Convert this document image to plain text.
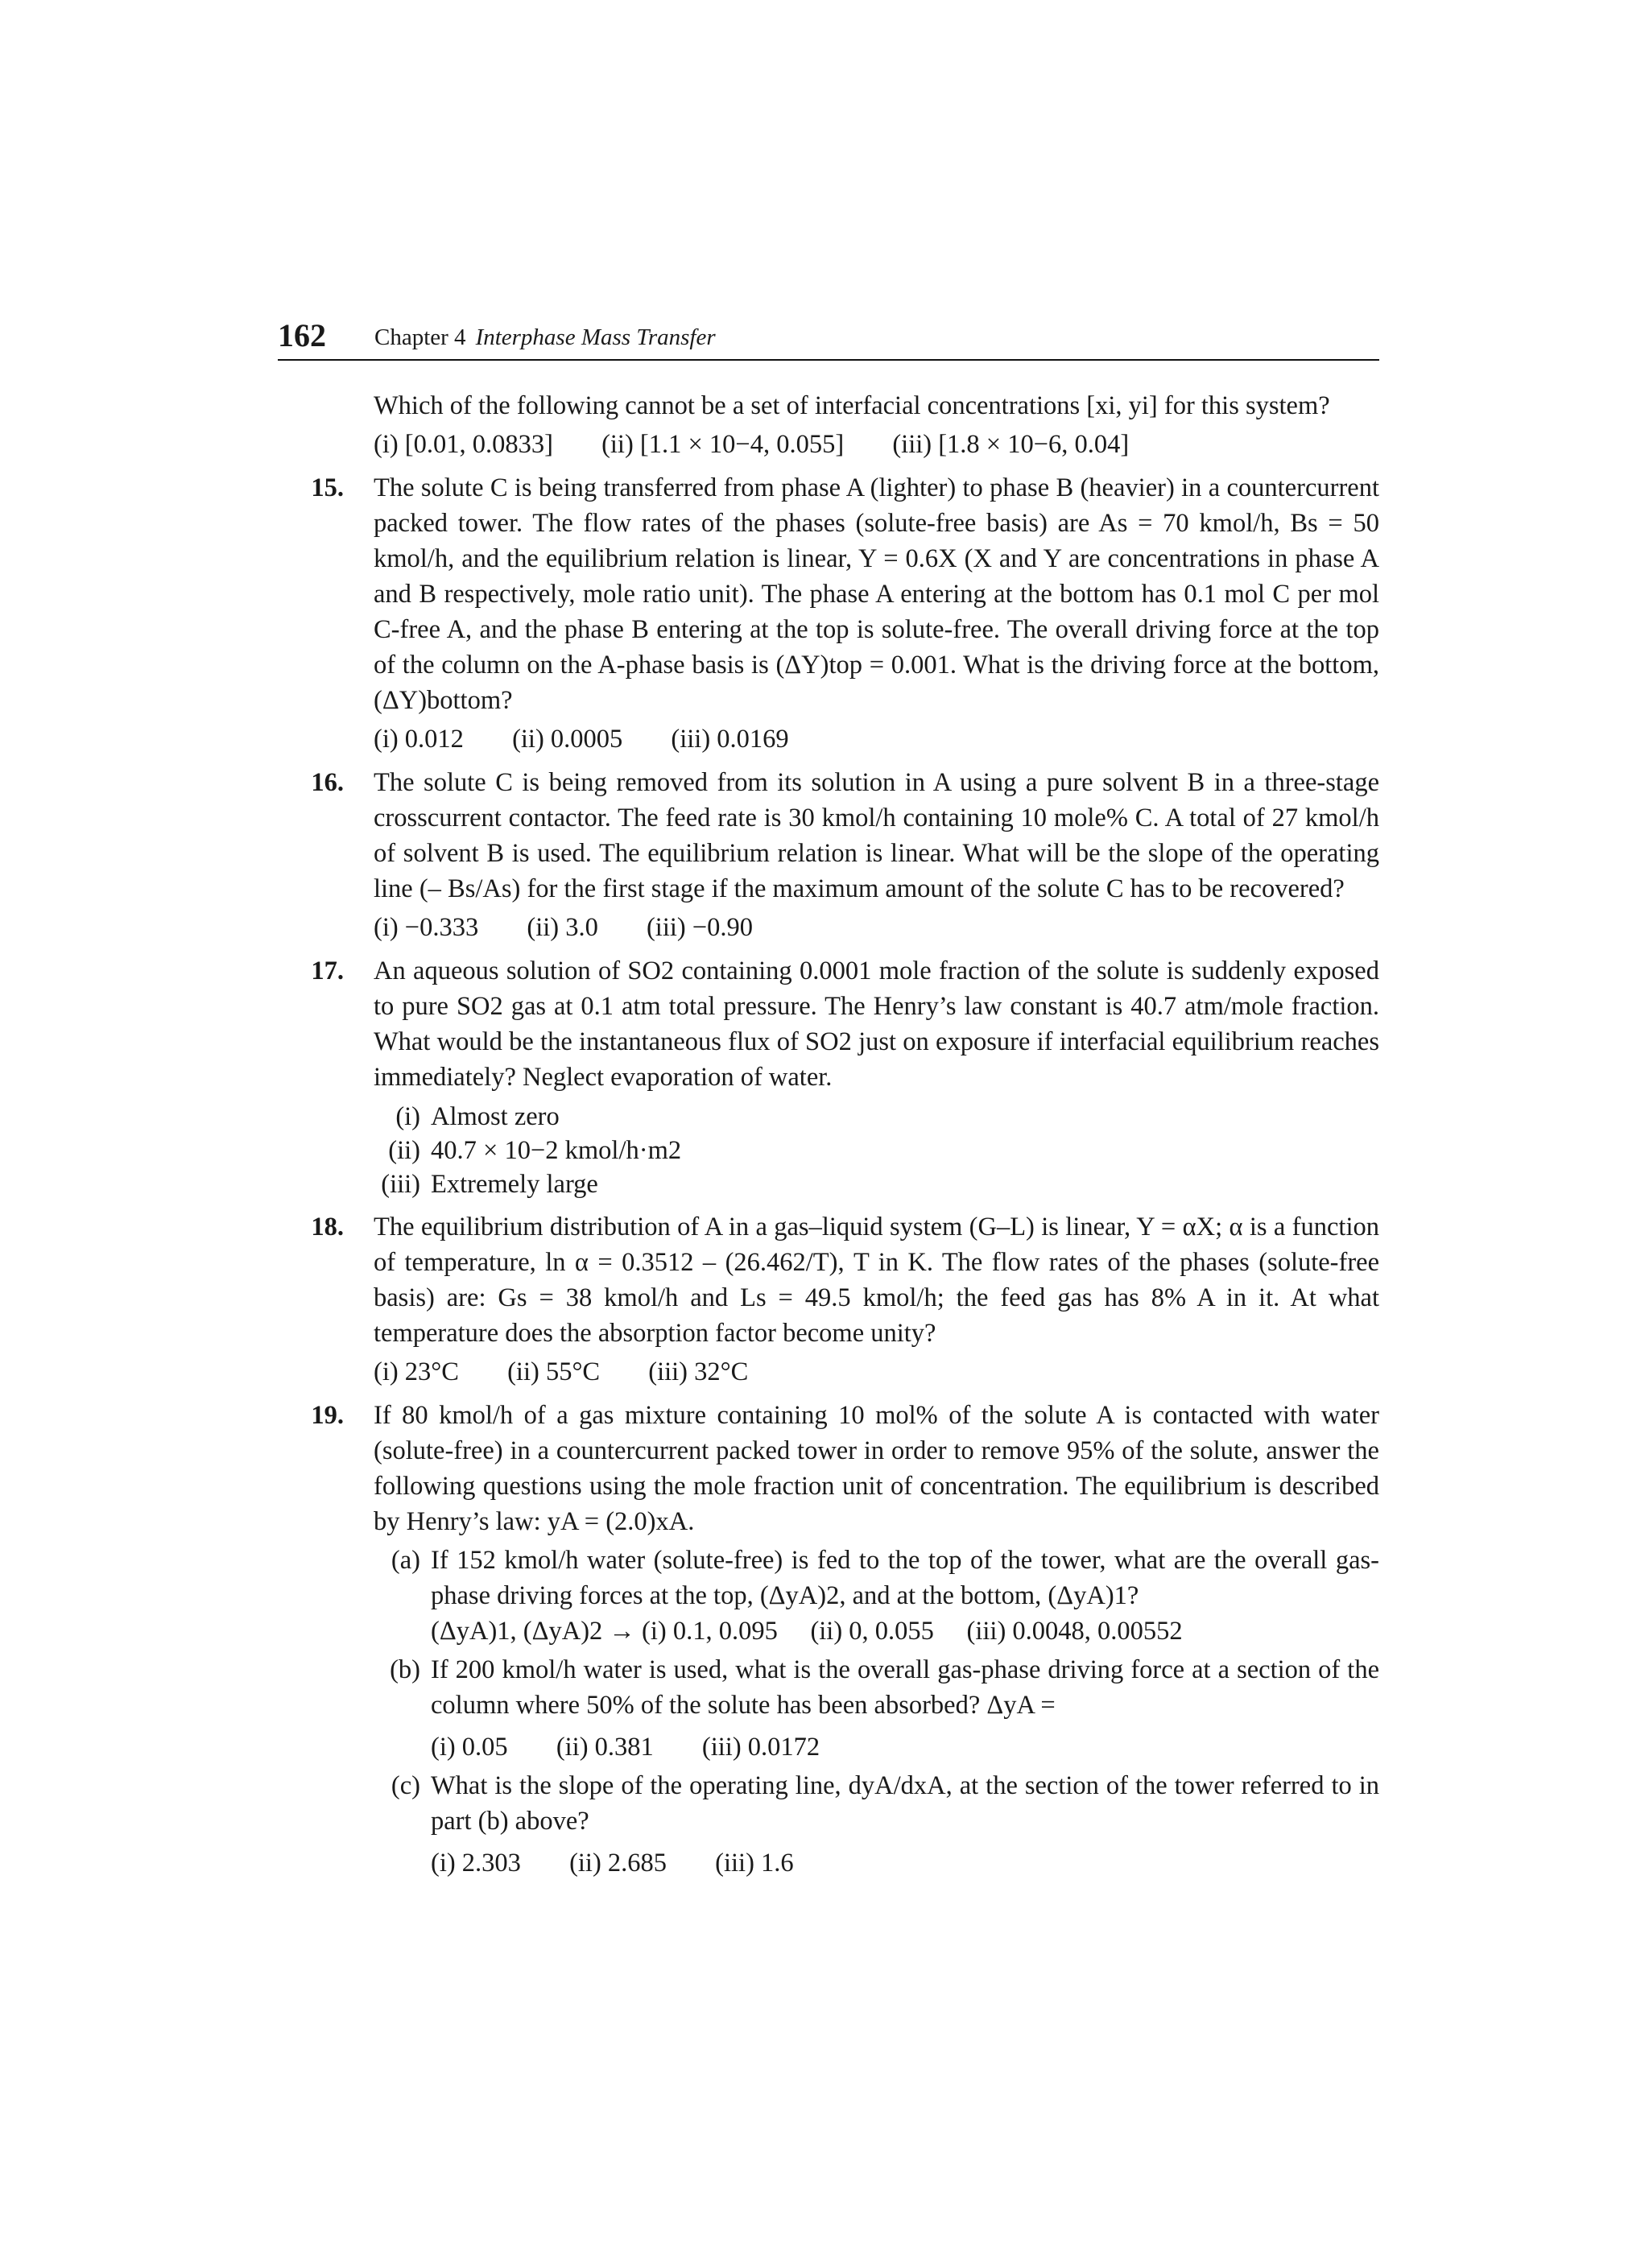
162 Chapter 4 Interphase Mass Transfer

Which of the following cannot be a set of interfacial concentrations [xi, yi] for this system?

(i) [0.01, 0.0833] (ii) [1.1 × 10−4, 0.055] (iii) [1.8 × 10−6, 0.04]
15. The solute C is being transferred from phase A (lighter) to phase B (heavier) in a countercurrent packed tower. The flow rates of the phases (solute-free basis) are As = 70 kmol/h, Bs = 50 kmol/h, and the equilibrium relation is linear, Y = 0.6X (X and Y are concentrations in phase A and B respectively, mole ratio unit). The phase A entering at the bottom has 0.1 mol C per mol C-free A, and the phase B entering at the top is solute-free. The overall driving force at the top of the column on the A-phase basis is (ΔY)top = 0.001. What is the driving force at the bottom, (ΔY)bottom?

(i) 0.012 (ii) 0.0005 (iii) 0.0169
16. The solute C is being removed from its solution in A using a pure solvent B in a three-stage crosscurrent contactor. The feed rate is 30 kmol/h containing 10 mole% C. A total of 27 kmol/h of solvent B is used. The equilibrium relation is linear. What will be the slope of the operating line (– Bs/As) for the first stage if the maximum amount of the solute C has to be recovered?

(i) −0.333 (ii) 3.0 (iii) −0.90
17. An aqueous solution of SO2 containing 0.0001 mole fraction of the solute is suddenly exposed to pure SO2 gas at 0.1 atm total pressure. The Henry’s law constant is 40.7 atm/mole fraction. What would be the instantaneous flux of SO2 just on exposure if interfacial equilibrium reaches immediately? Neglect evaporation of water.

(i) Almost zero
(ii) 40.7 × 10−2 kmol/h·m2
(iii) Extremely large
18. The equilibrium distribution of A in a gas–liquid system (G–L) is linear, Y = αX; α is a function of temperature, ln α = 0.3512 – (26.462/T), T in K. The flow rates of the phases (solute-free basis) are: Gs = 38 kmol/h and Ls = 49.5 kmol/h; the feed gas has 8% A in it. At what temperature does the absorption factor become unity?

(i) 23°C (ii) 55°C (iii) 32°C
19. If 80 kmol/h of a gas mixture containing 10 mol% of the solute A is contacted with water (solute-free) in a countercurrent packed tower in order to remove 95% of the solute, answer the following questions using the mole fraction unit of concentration. The equilibrium is described by Henry’s law: yA = (2.0)xA.

(a) If 152 kmol/h water (solute-free) is fed to the top of the tower, what are the overall gas-phase driving forces at the top, (ΔyA)2, and at the bottom, (ΔyA)1?

(ΔyA)1, (ΔyA)2 → (i) 0.1, 0.095     (ii) 0, 0.055     (iii) 0.0048, 0.00552

(b) If 200 kmol/h water is used, what is the overall gas-phase driving force at a section of the column where 50% of the solute has been absorbed? ΔyA =

(i) 0.05 (ii) 0.381 (iii) 0.0172
(c) What is the slope of the operating line, dyA/dxA, at the section of the tower referred to in part (b) above?

(i) 2.303 (ii) 2.685 (iii) 1.6
